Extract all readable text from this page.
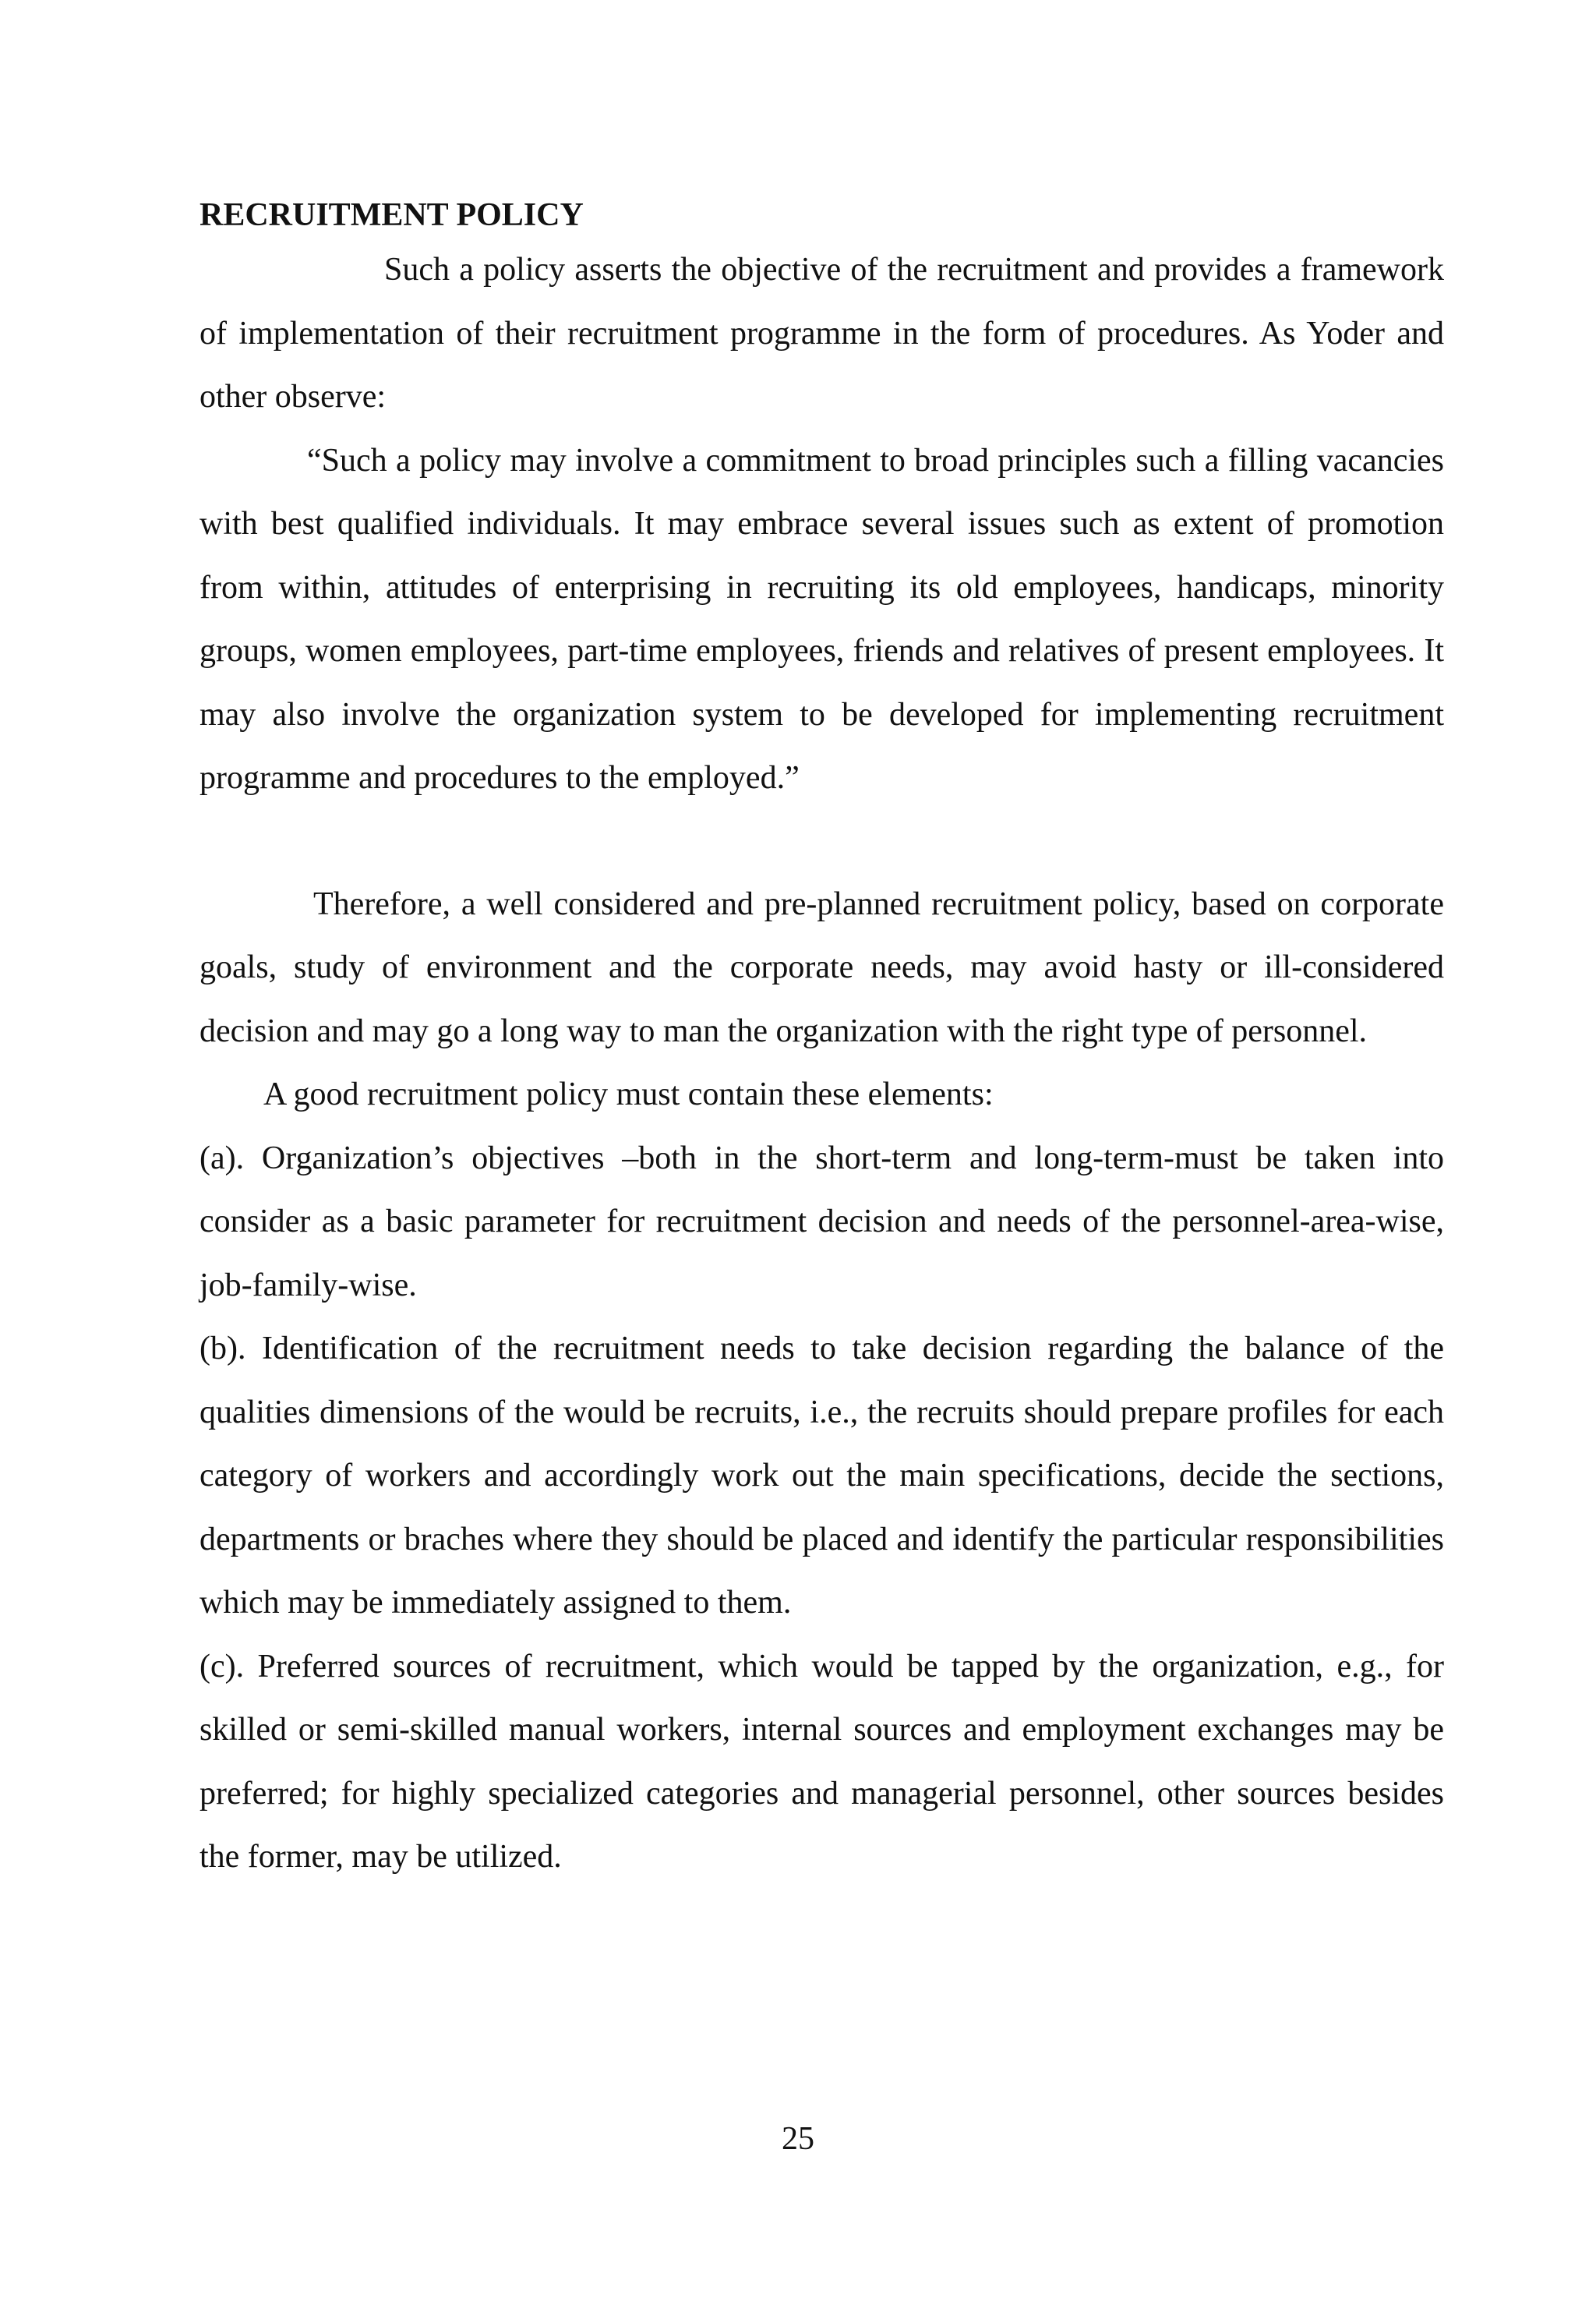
RECRUITMENT POLICY

Such a policy asserts the objective of the recruitment and provides a framework of implementation of their recruitment programme in the form of procedures. As Yoder and other observe:

“Such a policy may involve a commitment to broad principles such a filling vacancies with best qualified individuals. It may embrace several issues such as extent of promotion from within, attitudes of enterprising in recruiting its old employees, handicaps, minority groups, women employees, part-time employees, friends and relatives of present employees. It may also involve the organization system to be developed for implementing recruitment programme and procedures to the employed.”

Therefore, a well considered and pre-planned recruitment policy, based on corporate goals, study of environment and the corporate needs, may avoid hasty or ill-considered decision and may go a long way to man the organization with the right type of personnel.

A good recruitment policy must contain these elements:

(a). Organization’s objectives –both in the short-term and long-term-must be taken into consider as a basic parameter for recruitment decision and needs of the personnel-area-wise, job-family-wise.

(b). Identification of the recruitment needs to take decision regarding the balance of the qualities dimensions of the would be recruits, i.e., the recruits should prepare profiles for each category of workers and accordingly work out the main specifications, decide the sections, departments or braches where they should be placed and identify the particular responsibilities which may be immediately assigned to them.

(c). Preferred sources of recruitment, which would be tapped by the organization, e.g., for skilled or semi-skilled manual workers, internal sources and employment exchanges may be preferred; for highly specialized categories and managerial personnel, other sources besides the former, may be utilized.

25
